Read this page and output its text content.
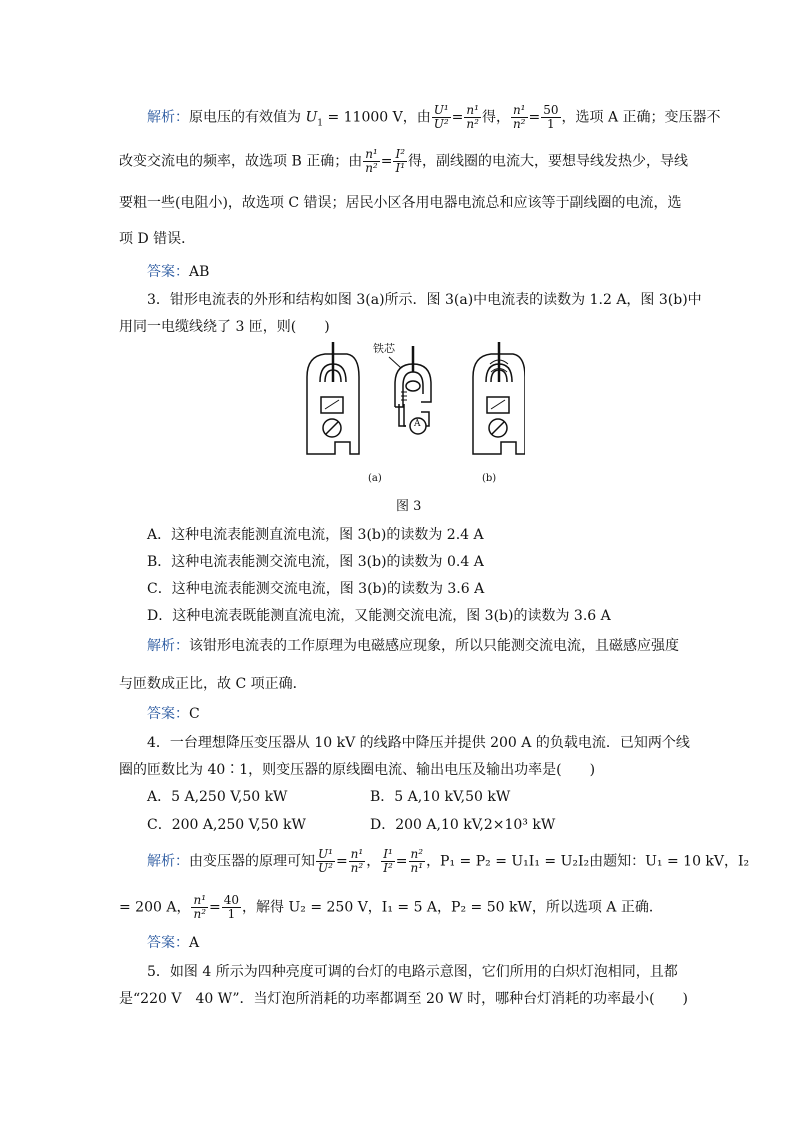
解析：原电压的有效值为 $U_1 = 11000$ V，由 $\frac{\text{U¹}}{\text{U²}} = \frac{\text{n¹}}{\text{n²}}$ 得， $\frac{\text{n¹}}{\text{n²}} = \frac{50}{1}$ ，选项 A 正确；变压器不
改变交流电的频率，故选项 B 正确；由 $\frac{\text{n¹}}{\text{n²}} = \frac{\text{I²}}{\text{I¹}}$ 得，副线圈的电流大，要想导线发热少，导线
要粗一些(电阻小)，故选项 C 错误；居民小区各用电器电流总和应该等于副线圈的电流，选
项 D 错误．
答案：AB
3．钳形电流表的外形和结构如图 3(a)所示．图 3(a)中电流表的读数为 1.2 A，图 3(b)中
用同一电缆线绕了 3 匝，则(　　)
铁芯
A
(a)	(b)
图 3
A．这种电流表能测直流电流，图 3(b)的读数为 2.4 A
B．这种电流表能测交流电流，图 3(b)的读数为 0.4 A
C．这种电流表能测交流电流，图 3(b)的读数为 3.6 A
D．这种电流表既能测直流电流，又能测交流电流，图 3(b)的读数为 3.6 A
解析：该钳形电流表的工作原理为电磁感应现象，所以只能测交流电流，且磁感应强度
与匝数成正比，故 C 项正确．
答案：C
4．一台理想降压变压器从 10 kV 的线路中降压并提供 200 A 的负载电流．已知两个线
圈的匝数比为 40∶1，则变压器的原线圈电流、输出电压及输出功率是(　　)
A．5 A,250 V,50 kW	B．5 A,10 kV,50 kW
C．200 A,250 V,50 kW	D．200 A,10 kV,2×10³ kW
解析：由变压器的原理可知 $\frac{\text{U¹}}{\text{U²}} = \frac{\text{n¹}}{\text{n²}}$ ， $\frac{\text{I¹}}{\text{I²}} = \frac{\text{n²}}{\text{n¹}}$ ，P₁ = P₂ = U₁I₁ = U₂I₂由题知：U₁ = 10 kV，I₂
= 200 A， $\frac{\text{n¹}}{\text{n²}} = \frac{40}{1}$ ，解得 U₂ = 250 V，I₁ = 5 A，P₂ = 50 kW，所以选项 A 正确．
答案：A
5．如图 4 所示为四种亮度可调的台灯的电路示意图，它们所用的白炽灯泡相同，且都
是“220 V　40 W”．当灯泡所消耗的功率都调至 20 W 时，哪种台灯消耗的功率最小(　　)
